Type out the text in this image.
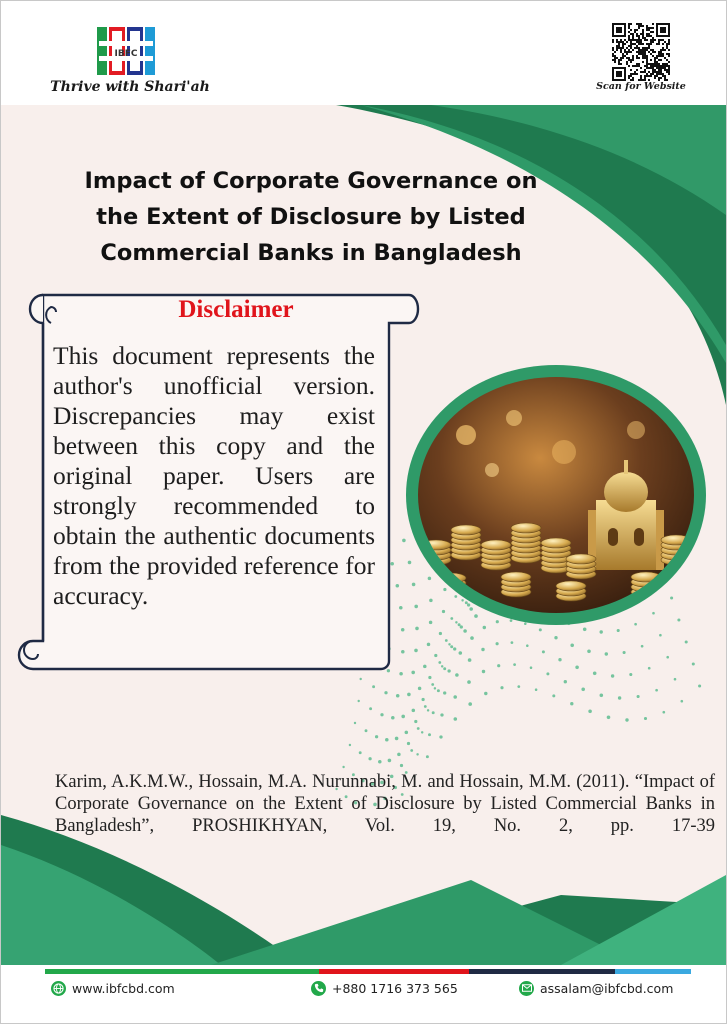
IBFC
Thrive with Shari'ah	Scan for Website
Impact of Corporate Governance on
the Extent of Disclosure by Listed
Commercial Banks in Bangladesh
Disclaimer
This document represents the author's unofficial version. Discrepancies may exist between this copy and the original paper. Users are strongly recommended to obtain the authentic documents from the provided reference for accuracy.
Karim, A.K.M.W., Hossain, M.A. Nurunnabi, M. and Hossain, M.M. (2011). “Impact of Corporate Governance on the Extent of Disclosure by Listed Commercial Banks in Bangladesh”, PROSHIKHYAN, Vol. 19, No. 2, pp. 17-39
www.ibfcbd.com	+880 1716 373 565	assalam@ibfcbd.com
